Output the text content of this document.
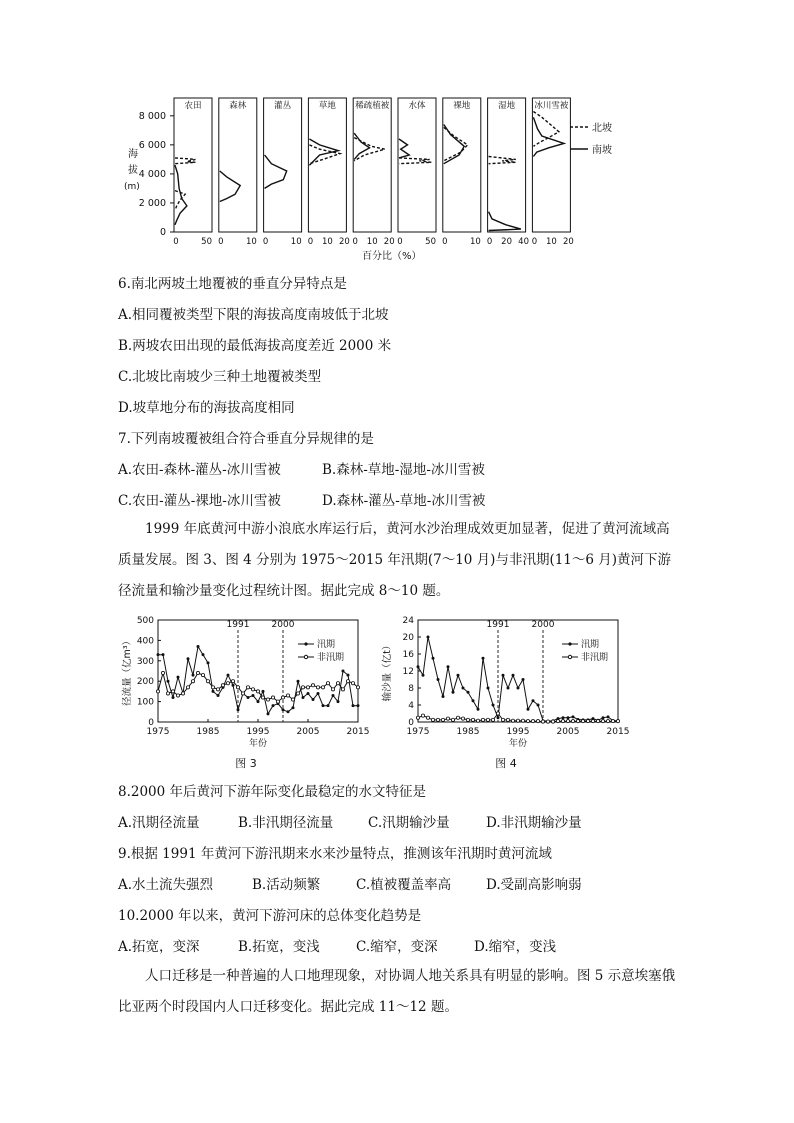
海
拔
(m)
百分比（%）
北坡
南坡
8 000
6 000
4 000
2 000
0
农田
0	50
森林
0	10
灌丛
0	10
草地
0 10 20
稀疏植被
0 10 20
水体
0	50
裸地
0	10
湿地
0 20 40
冰川雪被
0 10 20
6.南北两坡土地覆被的垂直分异特点是
A.相同覆被类型下限的海拔高度南坡低于北坡
B.两坡农田出现的最低海拔高度差近 2000 米
C.北坡比南坡少三种土地覆被类型
D.坡草地分布的海拔高度相同
7.下列南坡覆被组合符合垂直分异规律的是
A.农田-森林-灌丛-冰川雪被	B.森林-草地-湿地-冰川雪被
C.农田-灌丛-裸地-冰川雪被	D.森林-灌丛-草地-冰川雪被
1999 年底黄河中游小浪底水库运行后，黄河水沙治理成效更加显著，促进了黄河流域高质量发展。图 3、图 4 分别为 1975～2015 年汛期(7～10 月)与非汛期(11～6 月)黄河下游径流量和输沙量变化过程统计图。据此完成 8～10 题。
0
100
200
300
400
500
1975	1985	1995	2005	2015
1991 2000
年份
径流量（亿m³）
图 3
汛期
非汛期
0
4
8
12
16
20
24
1975	1985	1995	2005	2015
1991 2000
年份
输沙量（亿t）
图 4
汛期
非汛期
8.2000 年后黄河下游年际变化最稳定的水文特征是
A.汛期径流量	B.非汛期径流量	C.汛期输沙量	D.非汛期输沙量
9.根据 1991 年黄河下游汛期来水来沙量特点，推测该年汛期时黄河流域
A.水土流失强烈	B.活动频繁	C.植被覆盖率高	D.受副高影响弱
10.2000 年以来，黄河下游河床的总体变化趋势是
A.拓宽，变深	B.拓宽，变浅	C.缩窄，变深	D.缩窄，变浅
人口迁移是一种普遍的人口地理现象，对协调人地关系具有明显的影响。图 5 示意埃塞俄比亚两个时段国内人口迁移变化。据此完成 11～12 题。
